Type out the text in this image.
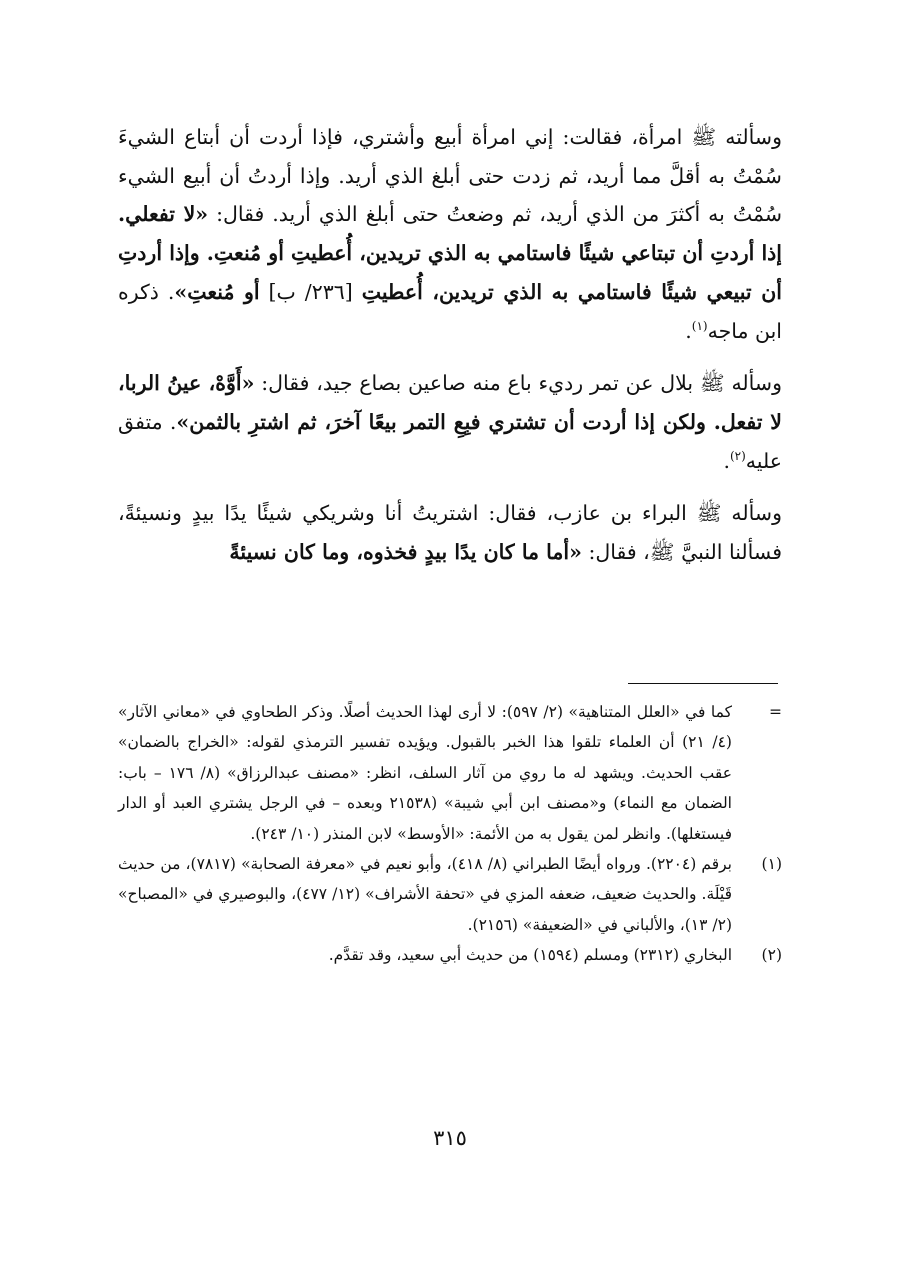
وسألته ﷺ امرأة، فقالت: إني امرأة أبيع وأشتري، فإذا أردت أن أبتاع الشيءَ سُمْتُ به أقلَّ مما أريد، ثم زدت حتى أبلغ الذي أريد. وإذا أردتُ أن أبيع الشيء سُمْتُ به أكثرَ من الذي أريد، ثم وضعتُ حتى أبلغ الذي أريد. فقال: «لا تفعلي. إذا أردتِ أن تبتاعي شيئًا فاستامي به الذي تريدين، أُعطيتِ أو مُنعتِ. وإذا أردتِ أن تبيعي شيئًا فاستامي به الذي تريدين، أُعطيتِ [٢٣٦/ ب] أو مُنعتِ». ذكره ابن ماجه$^{(١)}$.

وسأله ﷺ بلال عن تمر رديء باع منه صاعين بصاع جيد، فقال: «أَوَّهْ، عينُ الربا، لا تفعل. ولكن إذا أردت أن تشتري فبِعِ التمر بيعًا آخرَ، ثم اشترِ بالثمن». متفق عليه$^{(٢)}$.

وسأله ﷺ البراء بن عازب، فقال: اشتريتُ أنا وشريكي شيئًا يدًا بيدٍ ونسيئةً، فسألنا النبيَّ ﷺ، فقال: «أما ما كان يدًا بيدٍ فخذوه، وما كان نسيئةً

=

كما في «العلل المتناهية» (٢/ ٥٩٧): لا أرى لهذا الحديث أصلًا. وذكر الطحاوي في «معاني الآثار» (٤/ ٢١) أن العلماء تلقوا هذا الخبر بالقبول. ويؤيده تفسير الترمذي لقوله: «الخراج بالضمان» عقب الحديث. ويشهد له ما روي من آثار السلف، انظر: «مصنف عبدالرزاق» (٨/ ١٧٦ – باب: الضمان مع النماء) و«مصنف ابن أبي شيبة» (٢١٥٣٨ وبعده – في الرجل يشتري العبد أو الدار فيستغلها). وانظر لمن يقول به من الأئمة: «الأوسط» لابن المنذر (١٠/ ٢٤٣).

(١)

برقم (٢٢٠٤). ورواه أيضًا الطبراني (٨/ ٤١٨)، وأبو نعيم في «معرفة الصحابة» (٧٨١٧)، من حديث قَيْلَة. والحديث ضعيف، ضعفه المزي في «تحفة الأشراف» (١٢/ ٤٧٧)، والبوصيري في «المصباح» (٢/ ١٣)، والألباني في «الضعيفة» (٢١٥٦).

(٢)

البخاري (٢٣١٢) ومسلم (١٥٩٤) من حديث أبي سعيد، وقد تقدَّم.

٣١٥
